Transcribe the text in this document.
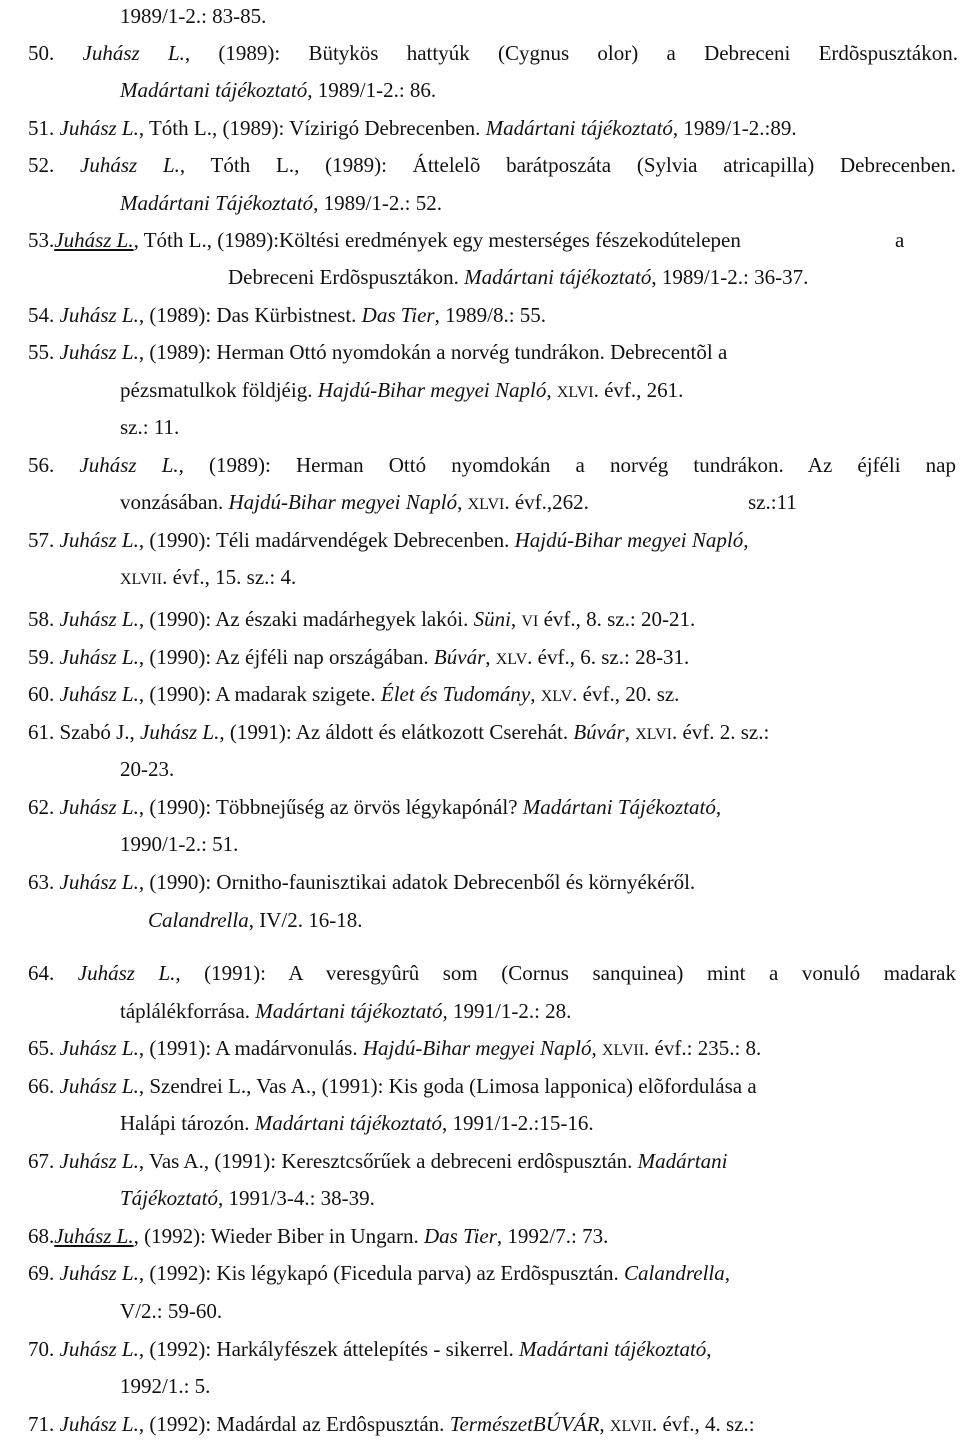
1989/1-2.: 83-85.
50. Juhász L., (1989): Bütykös hattyúk (Cygnus olor) a Debreceni Erdõspusztákon.
Madártani tájékoztató, 1989/1-2.: 86.
51. Juhász L., Tóth L., (1989): Vízirigó Debrecenben. Madártani tájékoztató, 1989/1-2.:89.
52. Juhász L., Tóth L., (1989): Áttelelõ barátposzáta (Sylvia atricapilla) Debrecenben.
Madártani Tájékoztató, 1989/1-2.: 52.
53.Juhász L., Tóth L., (1989):Költési eredmények egy mesterséges fészekodútelepen	a
Debreceni Erdõspusztákon. Madártani tájékoztató, 1989/1-2.: 36-37.
54. Juhász L., (1989): Das Kürbistnest. Das Tier, 1989/8.: 55.
55. Juhász L., (1989): Herman Ottó nyomdokán a norvég tundrákon. Debrecentõl a
pézsmatulkok földjéig. Hajdú-Bihar megyei Napló, XLVI. évf., 261.
sz.: 11.
56. Juhász L., (1989): Herman Ottó nyomdokán a norvég tundrákon. Az éjféli nap
vonzásában. Hajdú-Bihar megyei Napló, XLVI. évf.,262.	sz.:11
57. Juhász L., (1990): Téli madárvendégek Debrecenben. Hajdú-Bihar megyei Napló,
XLVII. évf., 15. sz.: 4.
58. Juhász L., (1990): Az északi madárhegyek lakói. Süni, VI évf., 8. sz.: 20-21.
59. Juhász L., (1990): Az éjféli nap országában. Búvár, XLV. évf., 6. sz.: 28-31.
60. Juhász L., (1990): A madarak szigete. Élet és Tudomány, XLV. évf., 20. sz.
61. Szabó J., Juhász L., (1991): Az áldott és elátkozott Cserehát. Búvár, XLVI. évf. 2. sz.:
20-23.
62. Juhász L., (1990): Többnejűség az örvös légykapónál? Madártani Tájékoztató,
1990/1-2.: 51.
63. Juhász L., (1990): Ornitho-faunisztikai adatok Debrecenből és környékéről.
Calandrella, IV/2. 16-18.
64. Juhász L., (1991): A veresgyûrû som (Cornus sanquinea) mint a vonuló madarak
táplálékforrása. Madártani tájékoztató, 1991/1-2.: 28.
65. Juhász L., (1991): A madárvonulás. Hajdú-Bihar megyei Napló, XLVII. évf.: 235.: 8.
66. Juhász L., Szendrei L., Vas A., (1991): Kis goda (Limosa lapponica) elõfordulása a
Halápi tározón. Madártani tájékoztató, 1991/1-2.:15-16.
67. Juhász L., Vas A., (1991): Keresztcsőrűek a debreceni erdôspusztán. Madártani
Tájékoztató, 1991/3-4.: 38-39.
68.Juhász L., (1992): Wieder Biber in Ungarn. Das Tier, 1992/7.: 73.
69. Juhász L., (1992): Kis légykapó (Ficedula parva) az Erdõspusztán. Calandrella,
V/2.: 59-60.
70. Juhász L., (1992): Harkályfészek áttelepítés - sikerrel. Madártani tájékoztató,
1992/1.: 5.
71. Juhász L., (1992): Madárdal az Erdôspusztán. TermészetBÚVÁR, XLVII. évf., 4. sz.:
